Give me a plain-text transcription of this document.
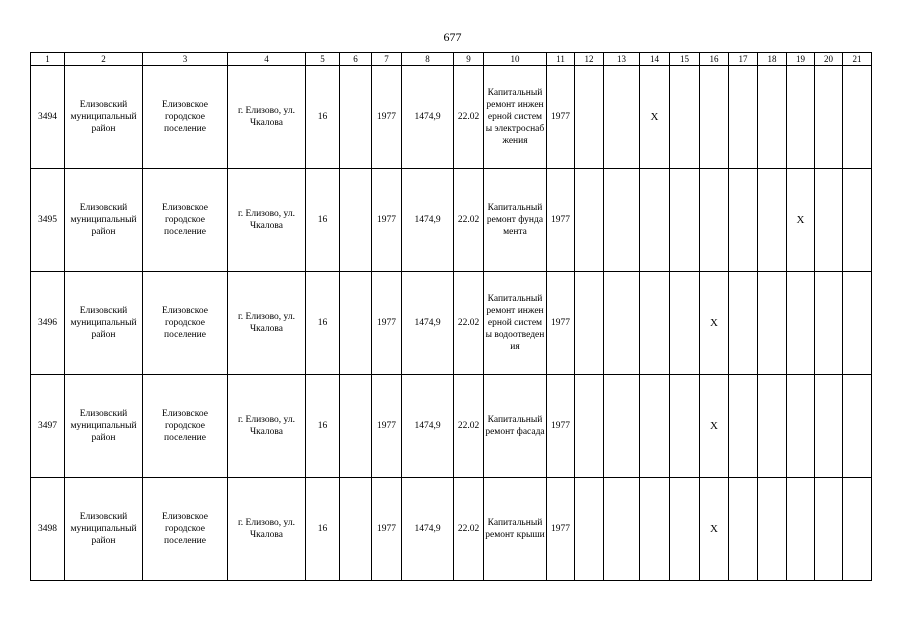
677
1	2	3	4	5	6	7	8	9	10	11	12	13	14	15	16	17	18	19	20	21
3494	Елизовский муниципальный район	Елизовское городское поселение	г. Елизово, ул. Чкалова	16		1977	1474,9	22.02	Капитальный ремонт инженерной системы электроснабжения	1977			X							
3495	Елизовский муниципальный район	Елизовское городское поселение	г. Елизово, ул. Чкалова	16		1977	1474,9	22.02	Капитальный ремонт фундамента	1977								X		
3496	Елизовский муниципальный район	Елизовское городское поселение	г. Елизово, ул. Чкалова	16		1977	1474,9	22.02	Капитальный ремонт инженерной системы водоотведения	1977					X					
3497	Елизовский муниципальный район	Елизовское городское поселение	г. Елизово, ул. Чкалова	16		1977	1474,9	22.02	Капитальный ремонт фасада	1977					X					
3498	Елизовский муниципальный район	Елизовское городское поселение	г. Елизово, ул. Чкалова	16		1977	1474,9	22.02	Капитальный ремонт крыши	1977					X					
